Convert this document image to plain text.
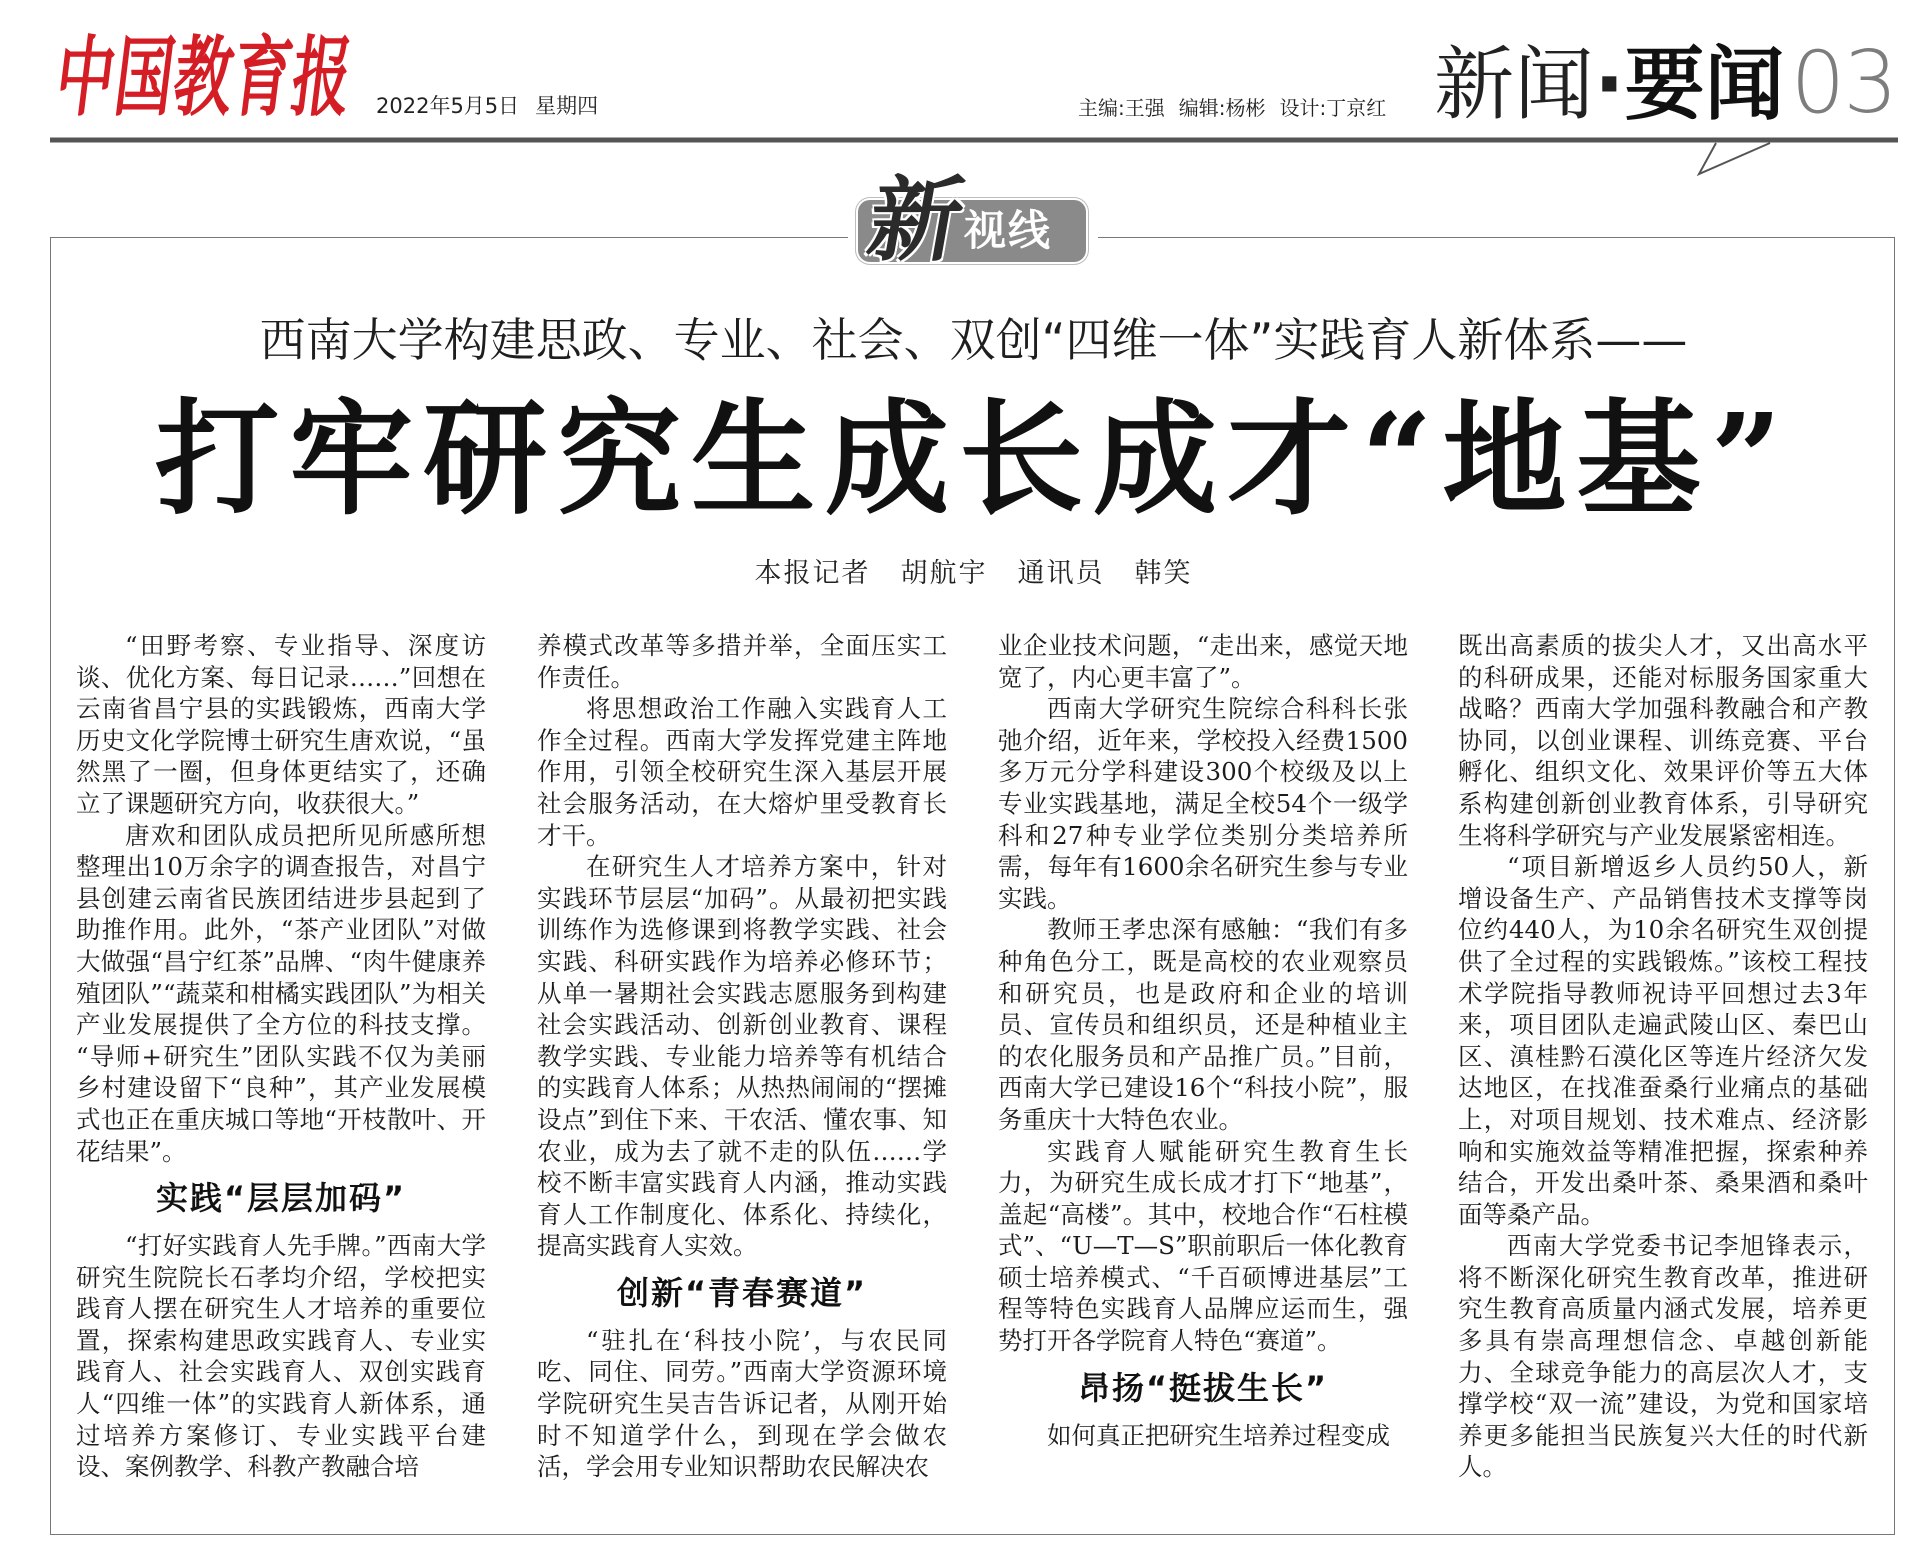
中国教育报 2022年5月5日 星期四	主编:王强 编辑:杨彬 设计:丁京红 新闻 · 要闻 03
新
视线
西南大学构建思政、专业、社会、双创“四维一体”实践育人新体系——
打牢研究生成长成才“地基”
本报记者 胡航宇 通讯员 韩笑

“田野考察、专业指导、深度访谈、优化方案、每日记录……”回想在云南省昌宁县的实践锻炼，西南大学历史文化学院博士研究生唐欢说，“虽然黑了一圈，但身体更结实了，还确立了课题研究方向，收获很大。”

唐欢和团队成员把所见所感所想整理出10万余字的调查报告，对昌宁县创建云南省民族团结进步县起到了助推作用。此外，“茶产业团队”对做大做强“昌宁红茶”品牌、“肉牛健康养殖团队”“蔬菜和柑橘实践团队”为相关产业发展提供了全方位的科技支撑。“导师+研究生”团队实践不仅为美丽乡村建设留下“良种”，其产业发展模式也正在重庆城口等地“开枝散叶、开花结果”。

实践“层层加码”

“打好实践育人先手牌。”西南大学研究生院院长石孝均介绍，学校把实践育人摆在研究生人才培养的重要位置，探索构建思政实践育人、专业实践育人、社会实践育人、双创实践育人“四维一体”的实践育人新体系，通过培养方案修订、专业实践平台建设、案例教学、科教产教融合培

养模式改革等多措并举，全面压实工作责任。

将思想政治工作融入实践育人工作全过程。西南大学发挥党建主阵地作用，引领全校研究生深入基层开展社会服务活动，在大熔炉里受教育长才干。

在研究生人才培养方案中，针对实践环节层层“加码”。从最初把实践训练作为选修课到将教学实践、社会实践、科研实践作为培养必修环节；从单一暑期社会实践志愿服务到构建社会实践活动、创新创业教育、课程教学实践、专业能力培养等有机结合的实践育人体系；从热热闹闹的“摆摊设点”到住下来、干农活、懂农事、知农业，成为去了就不走的队伍……学校不断丰富实践育人内涵，推动实践育人工作制度化、体系化、持续化，提高实践育人实效。

创新“青春赛道”

“驻扎在‘科技小院’，与农民同吃、同住、同劳。”西南大学资源环境学院研究生吴吉告诉记者，从刚开始时不知道学什么，到现在学会做农活，学会用专业知识帮助农民解决农

业企业技术问题，“走出来，感觉天地宽了，内心更丰富了”。

西南大学研究生院综合科科长张弛介绍，近年来，学校投入经费1500多万元分学科建设300个校级及以上专业实践基地，满足全校54个一级学科和27种专业学位类别分类培养所需，每年有1600余名研究生参与专业实践。

教师王孝忠深有感触：“我们有多种角色分工，既是高校的农业观察员和研究员，也是政府和企业的培训员、宣传员和组织员，还是种植业主的农化服务员和产品推广员。”目前，西南大学已建设16个“科技小院”，服务重庆十大特色农业。

实践育人赋能研究生教育生长力，为研究生成长成才打下“地基”，盖起“高楼”。其中，校地合作“石柱模式”、“U—T—S”职前职后一体化教育硕士培养模式、“千百硕博进基层”工程等特色实践育人品牌应运而生，强势打开各学院育人特色“赛道”。

昂扬“挺拔生长”

如何真正把研究生培养过程变成

既出高素质的拔尖人才，又出高水平的科研成果，还能对标服务国家重大战略？西南大学加强科教融合和产教协同，以创业课程、训练竞赛、平台孵化、组织文化、效果评价等五大体系构建创新创业教育体系，引导研究生将科学研究与产业发展紧密相连。

“项目新增返乡人员约50人，新增设备生产、产品销售技术支撑等岗位约440人，为10余名研究生双创提供了全过程的实践锻炼。”该校工程技术学院指导教师祝诗平回想过去3年来，项目团队走遍武陵山区、秦巴山区、滇桂黔石漠化区等连片经济欠发达地区，在找准蚕桑行业痛点的基础上，对项目规划、技术难点、经济影响和实施效益等精准把握，探索种养结合，开发出桑叶茶、桑果酒和桑叶面等桑产品。

西南大学党委书记李旭锋表示，将不断深化研究生教育改革，推进研究生教育高质量内涵式发展，培养更多具有崇高理想信念、卓越创新能力、全球竞争能力的高层次人才，支撑学校“双一流”建设，为党和国家培养更多能担当民族复兴大任的时代新人。
